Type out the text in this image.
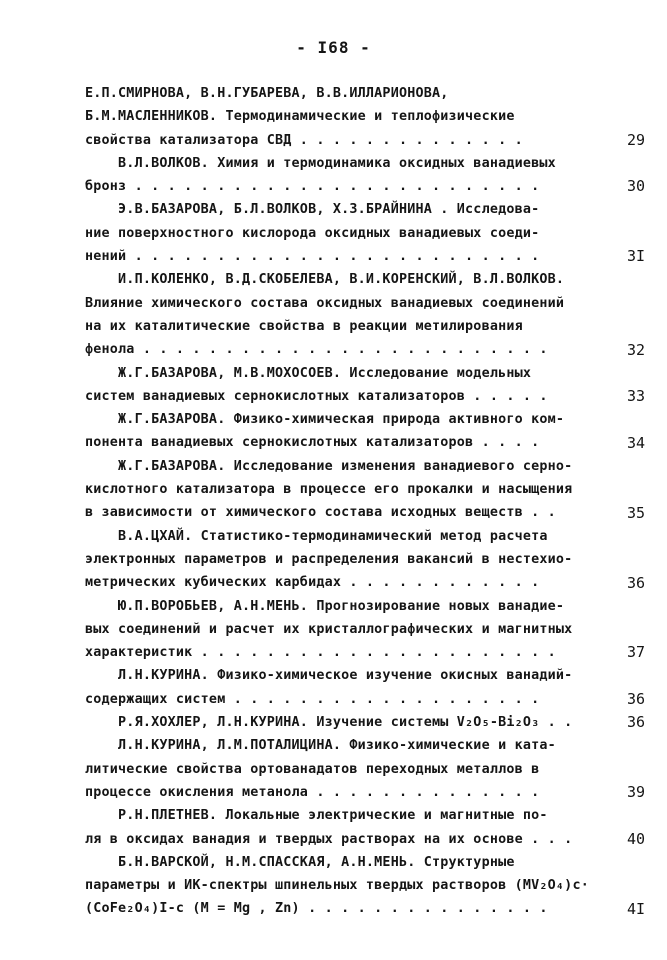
- I68 -
Е.П.СМИРНОВА, В.Н.ГУБАРЕВА, В.В.ИЛЛАРИОНОВА,
Б.М.МАСЛЕННИКОВ. Термодинамические и теплофизические
свойства катализатора СВД . . . . . . . . . . . . . .	29
В.Л.ВОЛКОВ. Химия и термодинамика оксидных ванадиевых
бронз . . . . . . . . . . . . . . . . . . . . . . . . .	30
Э.В.БАЗАРОВА, Б.Л.ВОЛКОВ, Х.З.БРАЙНИНА . Исследова-
ние поверхностного кислорода оксидных ванадиевых соеди-
нений . . . . . . . . . . . . . . . . . . . . . . . . .	3I
И.П.КОЛЕНКО, В.Д.СКОБЕЛЕВА, В.И.КОРЕНСКИЙ, В.Л.ВОЛКОВ.
Влияние химического состава оксидных ванадиевых соединений
на их каталитические свойства в реакции метилирования
фенола . . . . . . . . . . . . . . . . . . . . . . . . .	32
Ж.Г.БАЗАРОВА, М.В.МОХОСОЕВ. Исследование модельных
систем ванадиевых сернокислотных катализаторов . . . . .	33
Ж.Г.БАЗАРОВА. Физико-химическая природа активного ком-
понента ванадиевых сернокислотных катализаторов . . . .	34
Ж.Г.БАЗАРОВА. Исследование изменения ванадиевого серно-
кислотного катализатора в процессе его прокалки и насыщения
в зависимости от химического состава исходных веществ . .	35
В.А.ЦХАЙ. Статистико-термодинамический метод расчета
электронных параметров и распределения вакансий в нестехио-
метрических кубических карбидах . . . . . . . . . . . .	36
Ю.П.ВОРОБЬЕВ, А.Н.МЕНЬ. Прогнозирование новых ванадие-
вых соединений и расчет их кристаллографических и магнитных
характеристик . . . . . . . . . . . . . . . . . . . . . .	37
Л.Н.КУРИНА. Физико-химическое изучение окисных ванадий-
содержащих систем . . . . . . . . . . . . . . . . . . .	36
Р.Я.ХОХЛЕР, Л.Н.КУРИНА. Изучение системы V₂O₅-Bi₂O₃ . .	36
Л.Н.КУРИНА, Л.М.ПОТАЛИЦИНА. Физико-химические и ката-
литические свойства ортованадатов переходных металлов в
процессе окисления метанола . . . . . . . . . . . . . .	39
Р.Н.ПЛЕТНЕВ. Локальные электрические и магнитные по-
ля в оксидах ванадия и твердых растворах на их основе . . .	40
Б.Н.ВАРСКОЙ, Н.М.СПАССКАЯ, А.Н.МЕНЬ. Структурные
параметры и ИК-спектры шпинельных твердых растворов (MV₂O₄)c·
(CoFe₂O₄)I-c (M = Mg , Zn) . . . . . . . . . . . . . . .	4I
